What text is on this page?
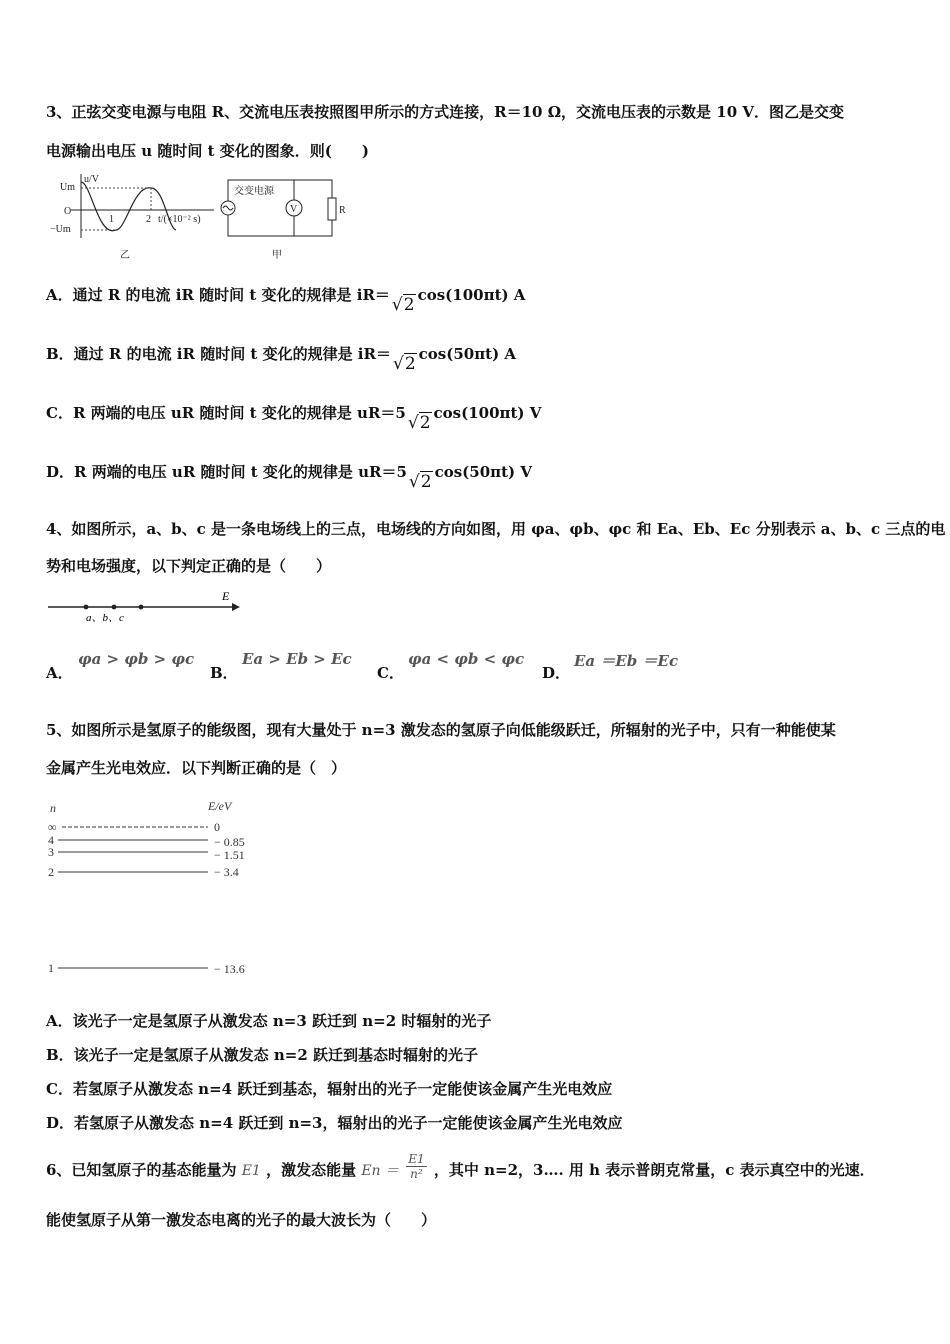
3、正弦交变电源与电阻 R、交流电压表按照图甲所示的方式连接，R＝10 Ω，交流电压表的示数是 10 V．图乙是交变
电源输出电压 u 随时间 t 变化的图象．则(　　)
u/V
Um
O
−Um
1	2 t/(×10⁻² s)
乙
V	R
交变电源
甲
A．通过 R 的电流 iR 随时间 t 变化的规律是 iR＝ √2 cos(100πt) A
B．通过 R 的电流 iR 随时间 t 变化的规律是 iR＝ √2 cos(50πt) A
C．R 两端的电压 uR 随时间 t 变化的规律是 uR＝5 √2 cos(100πt) V
D．R 两端的电压 uR 随时间 t 变化的规律是 uR＝5 √2 cos(50πt) V
4、如图所示，a、b、c 是一条电场线上的三点，电场线的方向如图，用 φa、φb、φc 和 Ea、Eb、Ec 分别表示 a、b、c 三点的电
势和电场强度，以下判定正确的是（　　）
E
a、b、c
A．
φa > φb > φc
B．
Ea > Eb > Ec
C．
φa < φb < φc
D．
Ea ＝Eb ＝Ec
5、如图所示是氢原子的能级图，现有大量处于 n=3 激发态的氢原子向低能级跃迁，所辐射的光子中，只有一种能使某
金属产生光电效应．以下判断正确的是（　）
n	E/eV
∞	0
4	− 0.85
3	− 1.51
2	− 3.4
1	− 13.6
A．该光子一定是氢原子从激发态 n=3 跃迁到 n=2 时辐射的光子
B．该光子一定是氢原子从激发态 n=2 跃迁到基态时辐射的光子
C．若氢原子从激发态 n=4 跃迁到基态，辐射出的光子一定能使该金属产生光电效应
D．若氢原子从激发态 n=4 跃迁到 n=3，辐射出的光子一定能使该金属产生光电效应
6、已知氢原子的基态能量为 E1 ，激发态能量 $En = \frac{E1}{\text{n²}}$ ，其中 n=2，3…. 用 h 表示普朗克常量，c 表示真空中的光速．
能使氢原子从第一激发态电离的光子的最大波长为（　　）
